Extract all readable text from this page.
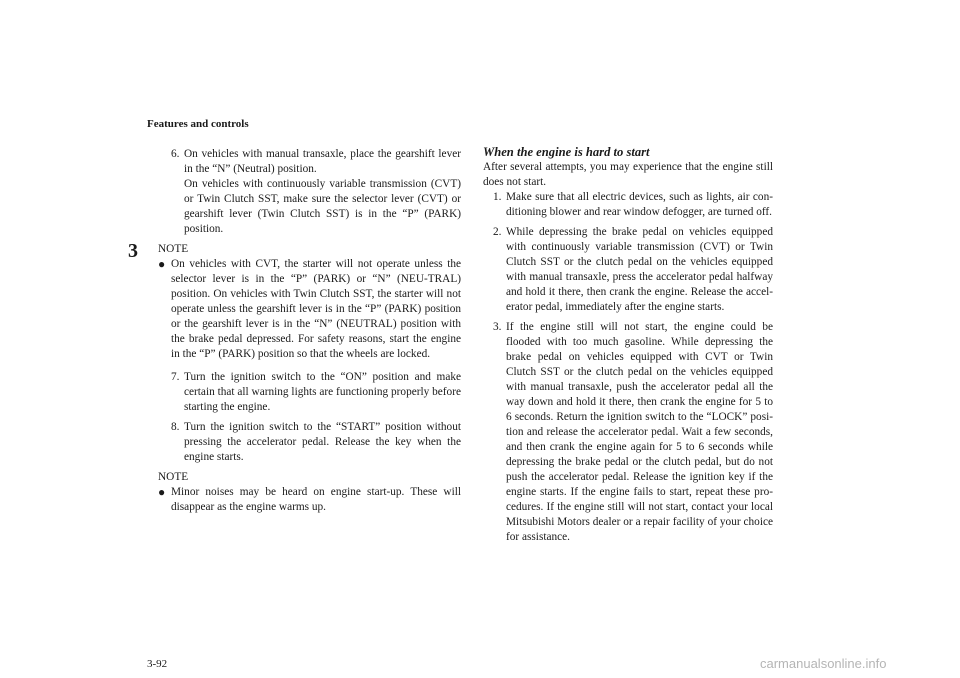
Features and controls
3
6. On vehicles with manual transaxle, place the gearshift lever in the “N” (Neutral) position.
On vehicles with continuously variable transmission (CVT) or Twin Clutch SST, make sure the selector lever (CVT) or gearshift lever (Twin Clutch SST) is in the “P” (PARK) position.
NOTE
● On vehicles with CVT, the starter will not operate unless the selector lever is in the “P” (PARK) or “N” (NEU-TRAL) position. On vehicles with Twin Clutch SST, the starter will not operate unless the gearshift lever is in the “P” (PARK) position or the gearshift lever is in the “N” (NEUTRAL) position with the brake pedal depressed. For safety reasons, start the engine in the “P” (PARK) position so that the wheels are locked.
7. Turn the ignition switch to the “ON” position and make certain that all warning lights are functioning properly before starting the engine.
8. Turn the ignition switch to the “START” position without pressing the accelerator pedal. Release the key when the engine starts.
NOTE
● Minor noises may be heard on engine start-up. These will disappear as the engine warms up.
When the engine is hard to start

After several attempts, you may experience that the engine still does not start.

1. Make sure that all electric devices, such as lights, air con-ditioning blower and rear window defogger, are turned off.
2. While depressing the brake pedal on vehicles equipped with continuously variable transmission (CVT) or Twin Clutch SST or the clutch pedal on the vehicles equipped with manual transaxle, press the accelerator pedal halfway and hold it there, then crank the engine. Release the accel-erator pedal, immediately after the engine starts.
3. If the engine still will not start, the engine could be flooded with too much gasoline. While depressing the brake pedal on vehicles equipped with CVT or Twin Clutch SST or the clutch pedal on the vehicles equipped with manual transaxle, push the accelerator pedal all the way down and hold it there, then crank the engine for 5 to 6 seconds. Return the ignition switch to the “LOCK” posi-tion and release the accelerator pedal. Wait a few seconds, and then crank the engine again for 5 to 6 seconds while depressing the brake pedal or the clutch pedal, but do not push the accelerator pedal. Release the ignition key if the engine starts. If the engine fails to start, repeat these pro-cedures. If the engine still will not start, contact your local Mitsubishi Motors dealer or a repair facility of your choice for assistance.
3-92	carmanualsonline.info
